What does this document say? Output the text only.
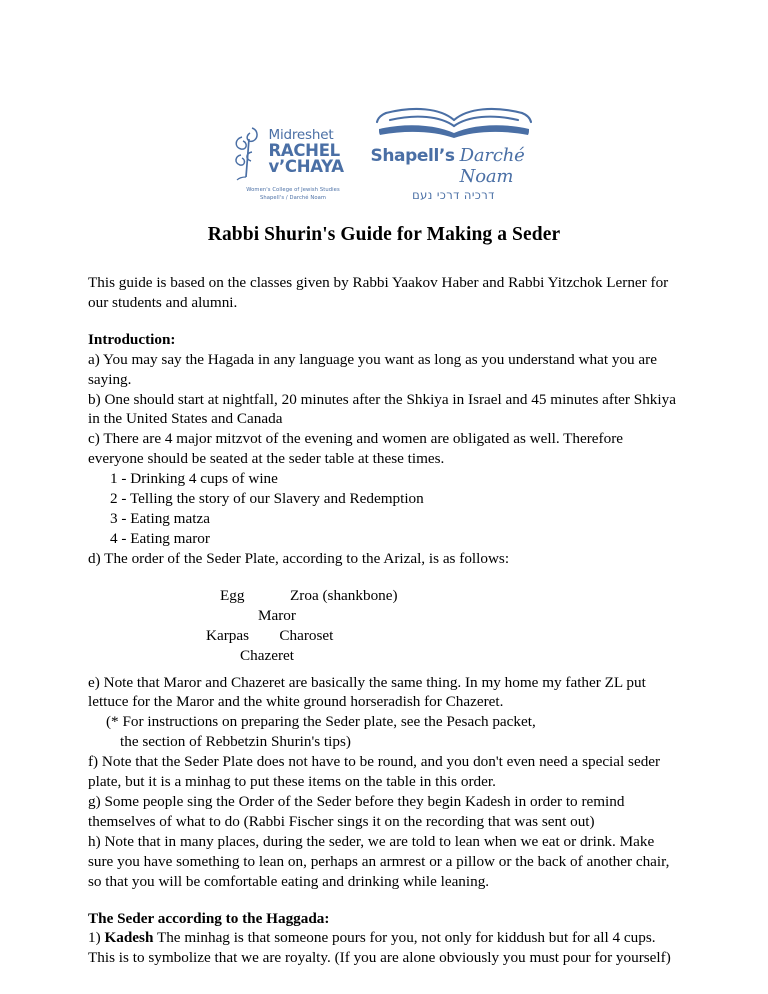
Midreshet
RACHEL
v’CHAYA
Women's College of Jewish Studies
Shapell's / Darché Noam
Shapell’s Darché Noam
דרכיה דרכי נעם
Rabbi Shurin's Guide for Making a Seder

This guide is based on the classes given by Rabbi Yaakov Haber and Rabbi Yitzchok Lerner for our students and alumni.

Introduction:
a) You may say the Hagada in any language you want as long as you understand what you are saying.
b) One should start at nightfall, 20 minutes after the Shkiya in Israel and 45 minutes after Shkiya in the United States and Canada
c) There are 4 major mitzvot of the evening and women are obligated as well. Therefore everyone should be seated at the seder table at these times.
1 - Drinking 4 cups of wine
2 - Telling the story of our Slavery and Redemption
3 - Eating matza
4 - Eating maror
d) The order of the Seder Plate, according to the Arizal, is as follows:
Egg            Zroa (shankbone)
Maror
Karpas        Charoset
Chazeret
e) Note that Maror and Chazeret are basically the same thing. In my home my father ZL put lettuce for the Maror and the white ground horseradish for Chazeret.
(* For instructions on preparing the Seder plate, see the Pesach packet,
the section of Rebbetzin Shurin's tips)
f) Note that the Seder Plate does not have to be round, and you don't even need a special seder plate, but it is a minhag to put these items on the table in this order.
g) Some people sing the Order of the Seder before they begin Kadesh in order to remind themselves of what to do (Rabbi Fischer sings it on the recording that was sent out)
h) Note that in many places, during the seder, we are told to lean when we eat or drink. Make sure you have something to lean on, perhaps an armrest or a pillow or the back of another chair, so that you will be comfortable eating and drinking while leaning.
The Seder according to the Haggada:
1) Kadesh The minhag is that someone pours for you, not only for kiddush but for all 4 cups. This is to symbolize that we are royalty. (If you are alone obviously you must pour for yourself)
